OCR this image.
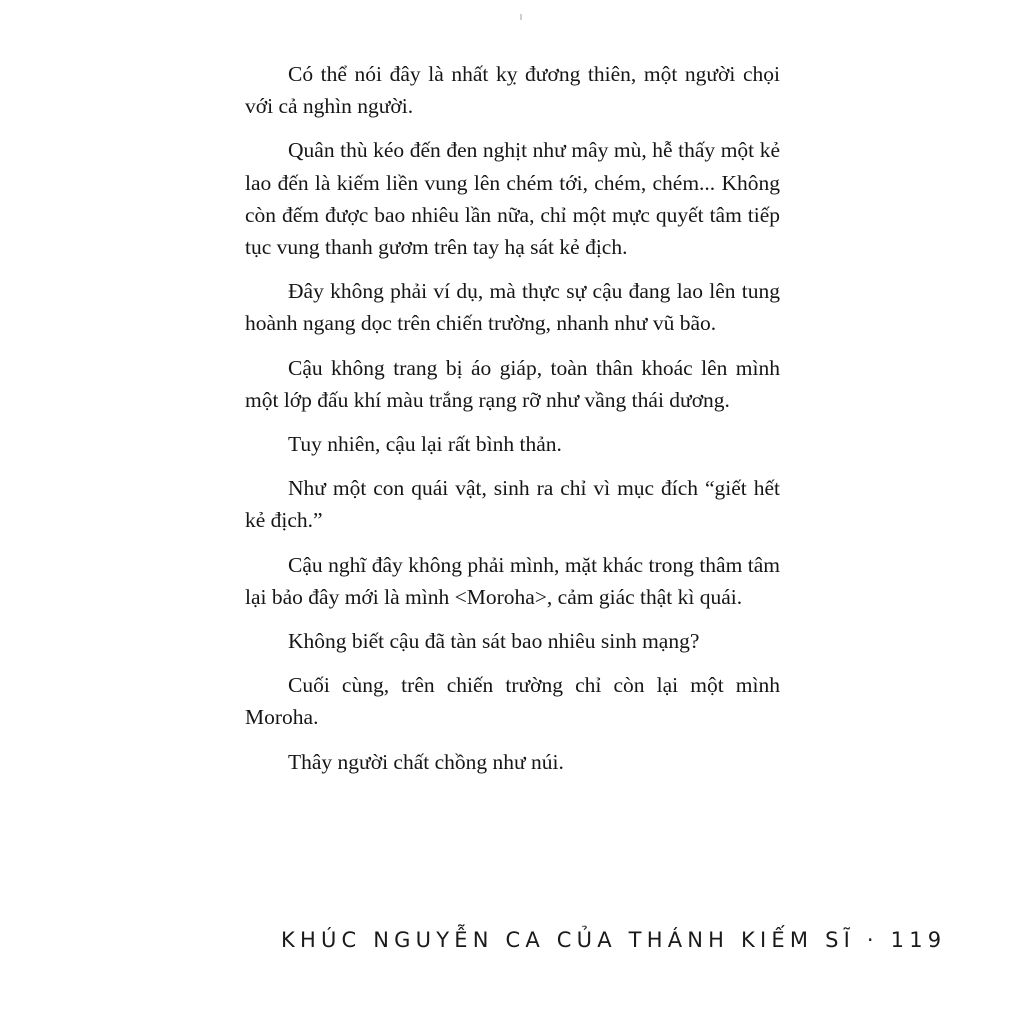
Có thể nói đây là nhất kỵ đương thiên, một người chọi với cả nghìn người.

Quân thù kéo đến đen nghịt như mây mù, hễ thấy một kẻ lao đến là kiếm liền vung lên chém tới, chém, chém... Không còn đếm được bao nhiêu lần nữa, chỉ một mực quyết tâm tiếp tục vung thanh gươm trên tay hạ sát kẻ địch.

Đây không phải ví dụ, mà thực sự cậu đang lao lên tung hoành ngang dọc trên chiến trường, nhanh như vũ bão.

Cậu không trang bị áo giáp, toàn thân khoác lên mình một lớp đấu khí màu trắng rạng rỡ như vầng thái dương.

Tuy nhiên, cậu lại rất bình thản.

Như một con quái vật, sinh ra chỉ vì mục đích “giết hết kẻ địch.”

Cậu nghĩ đây không phải mình, mặt khác trong thâm tâm lại bảo đây mới là mình <Moroha>, cảm giác thật kì quái.

Không biết cậu đã tàn sát bao nhiêu sinh mạng?

Cuối cùng, trên chiến trường chỉ còn lại một mình Moroha.

Thây người chất chồng như núi.

KHÚC NGUYỄN CA CỦA THÁNH KIẾM SĨ · 119
